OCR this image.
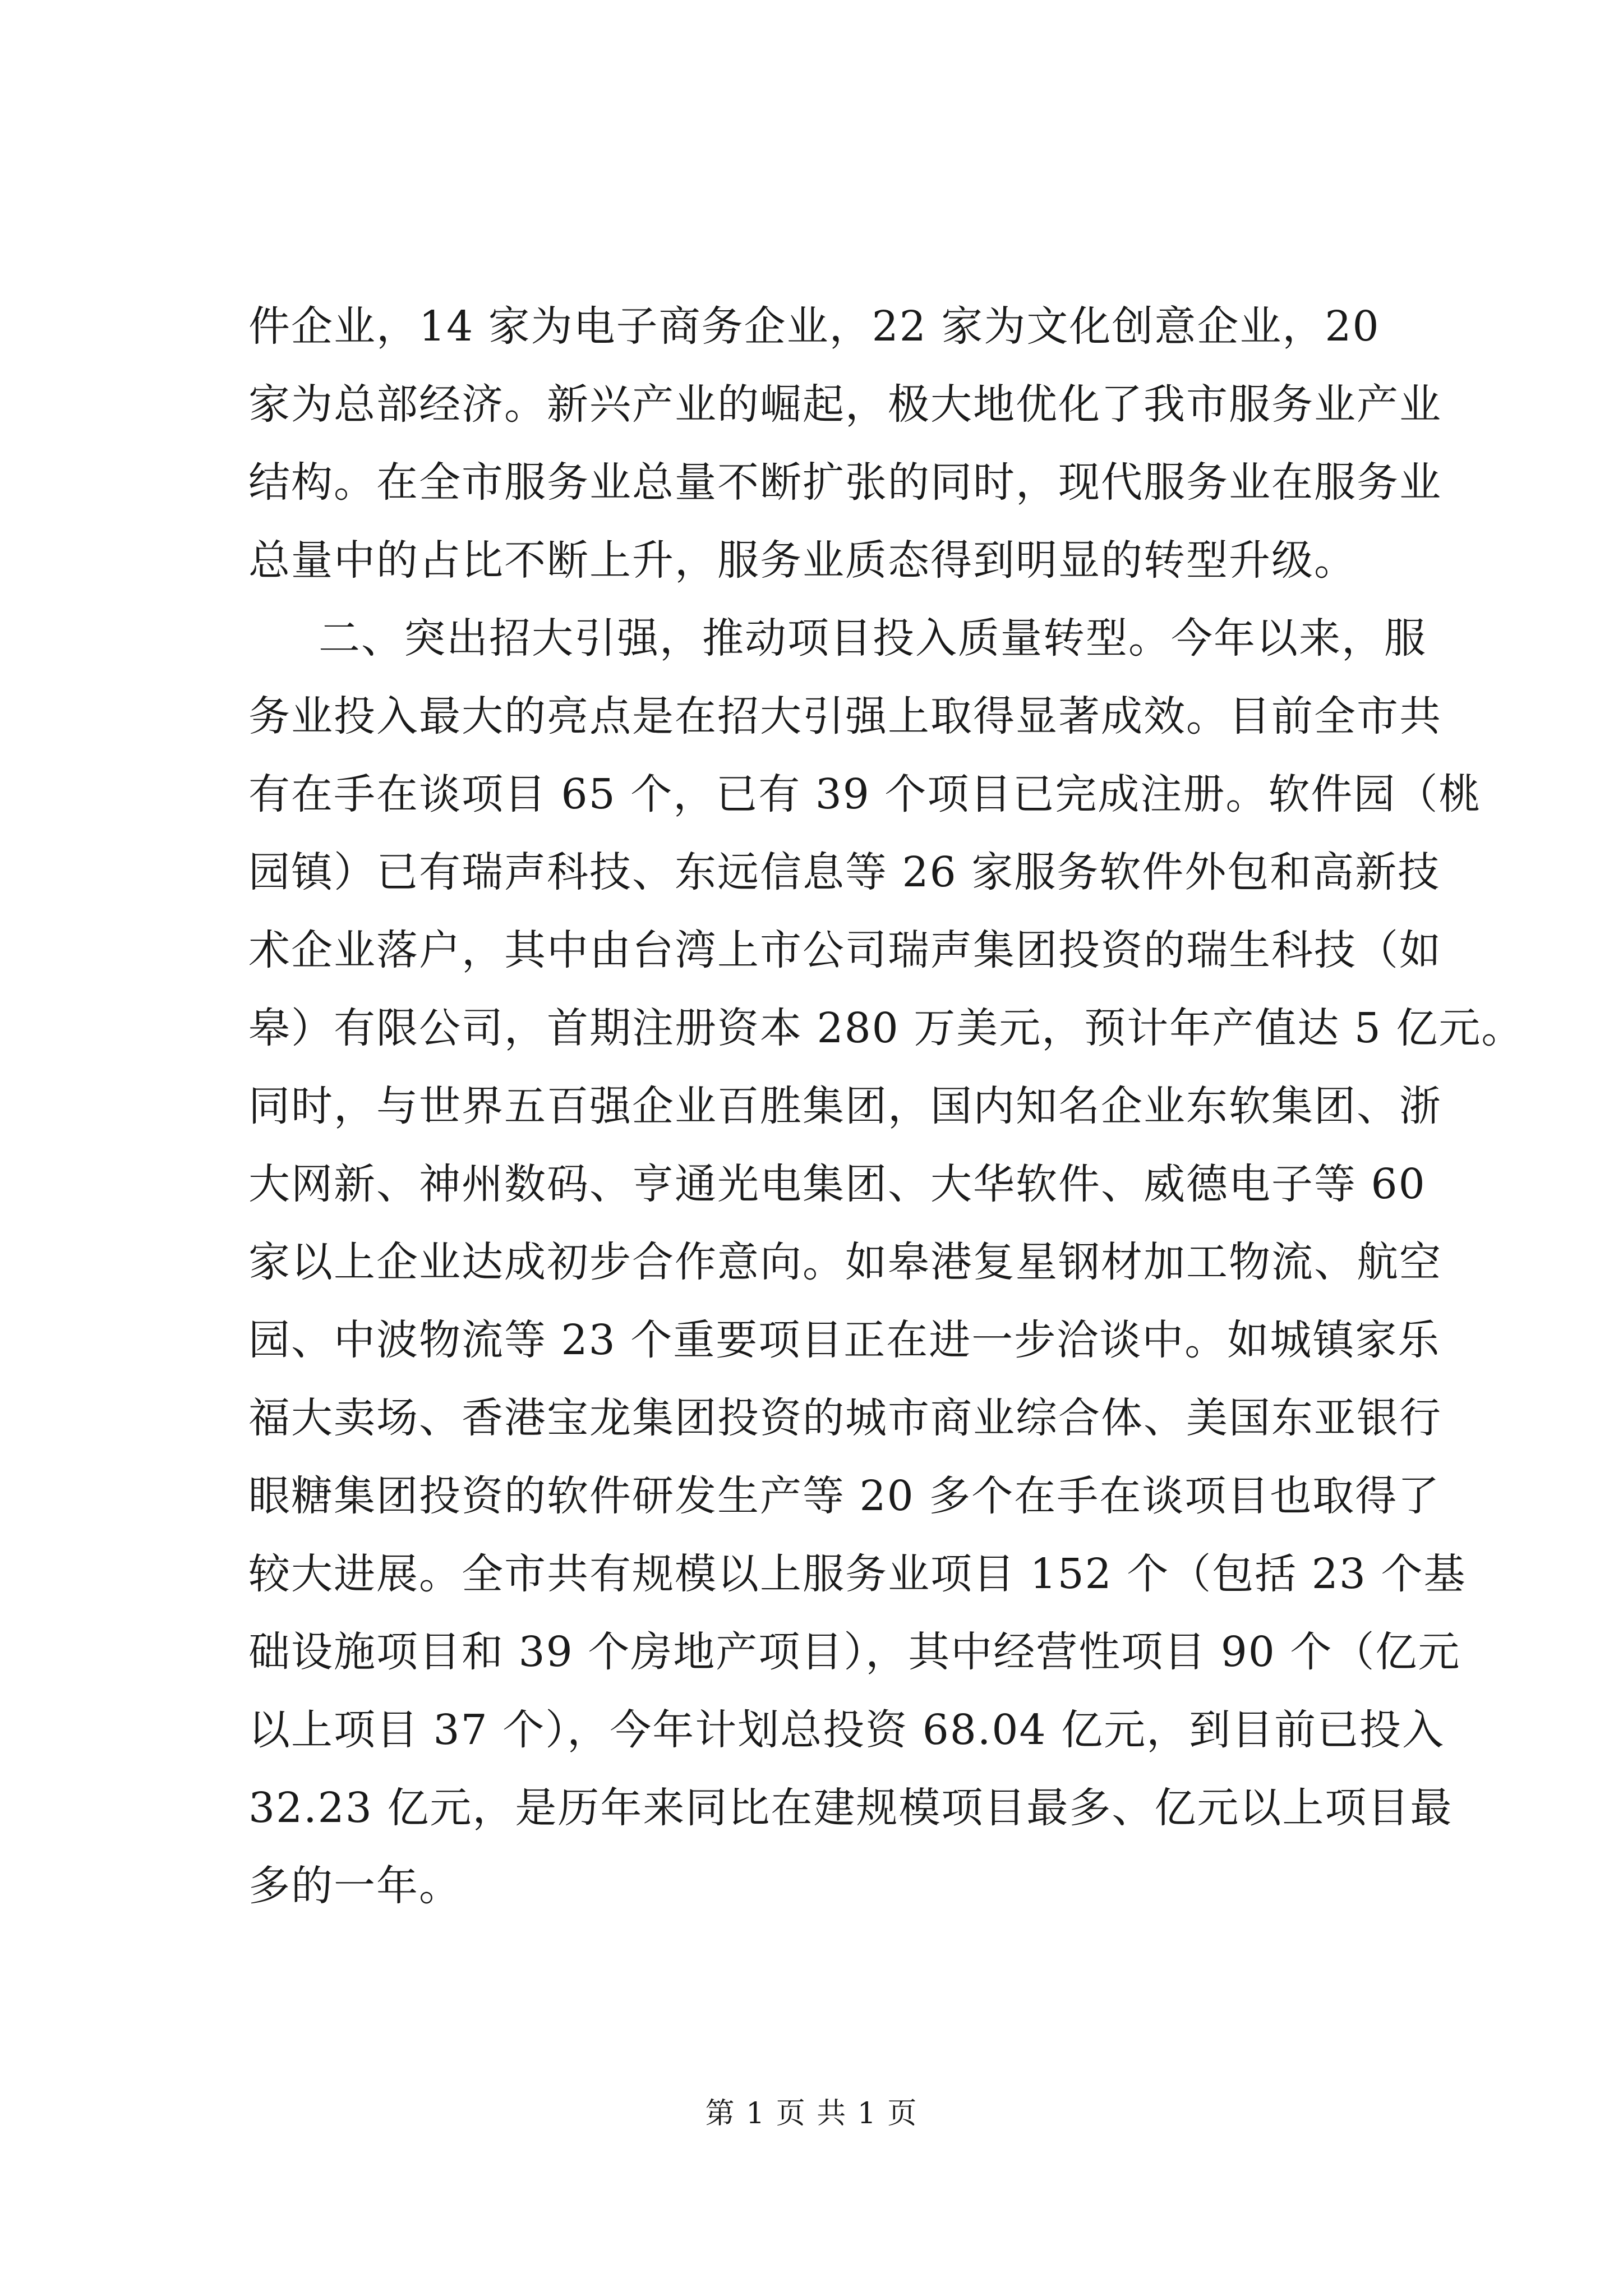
件企业，14 家为电子商务企业，22 家为文化创意企业，20
家为总部经济。新兴产业的崛起，极大地优化了我市服务业产业
结构。在全市服务业总量不断扩张的同时，现代服务业在服务业
总量中的占比不断上升，服务业质态得到明显的转型升级。
二、突出招大引强，推动项目投入质量转型。今年以来，服
务业投入最大的亮点是在招大引强上取得显著成效。目前全市共
有在手在谈项目 65 个，已有 39 个项目已完成注册。软件园（桃
园镇）已有瑞声科技、东远信息等 26 家服务软件外包和高新技
术企业落户，其中由台湾上市公司瑞声集团投资的瑞生科技（如
皋）有限公司，首期注册资本 280 万美元，预计年产值达 5 亿元。
同时，与世界五百强企业百胜集团，国内知名企业东软集团、浙
大网新、神州数码、亨通光电集团、大华软件、威德电子等 60
家以上企业达成初步合作意向。如皋港复星钢材加工物流、航空
园、中波物流等 23 个重要项目正在进一步洽谈中。如城镇家乐
福大卖场、香港宝龙集团投资的城市商业综合体、美国东亚银行
眼糖集团投资的软件研发生产等 20 多个在手在谈项目也取得了
较大进展。全市共有规模以上服务业项目 152 个（包括 23 个基
础设施项目和 39 个房地产项目），其中经营性项目 90 个（亿元
以上项目 37 个），今年计划总投资 68.04 亿元，到目前已投入
32.23 亿元，是历年来同比在建规模项目最多、亿元以上项目最
多的一年。
第 1 页 共 1 页
